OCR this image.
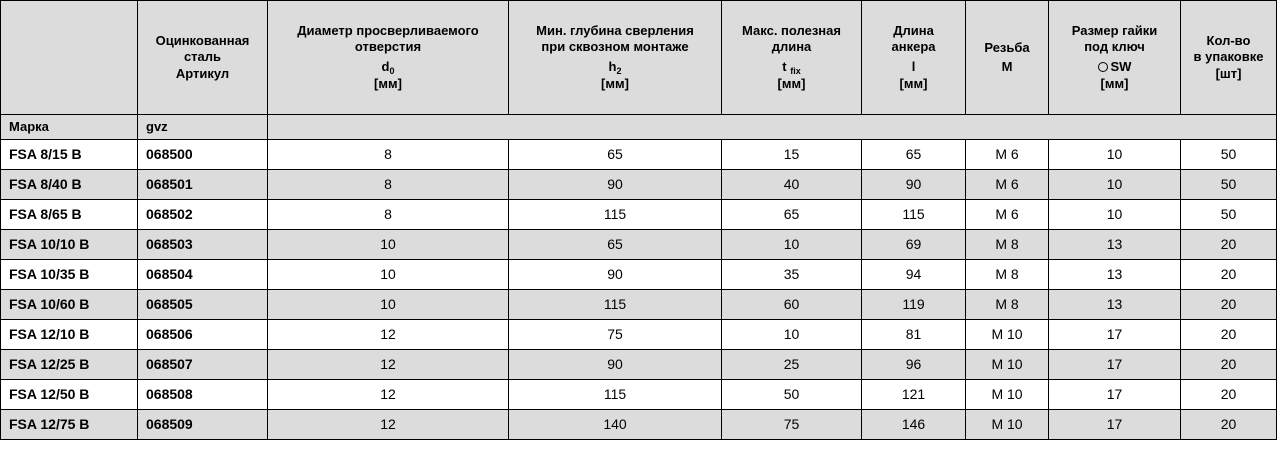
	Оцинкованная
сталь
Артикул	Диаметр просверливаемого
отверстия
$d_0$
[мм]	Мин. глубина сверления
при сквозном монтаже
$h_2$
[мм]	Макс. полезная
длина
t $_{fix}$
[мм]	Длина
анкера
l
[мм]	Резьба
M	Размер гайки
под ключ
SW
[мм]	Кол-во
в упаковке
[шт]

Марка	gvz							
FSA 8/15 B	068500	8	65	15	65	M 6	10	50
FSA 8/40 B	068501	8	90	40	90	M 6	10	50
FSA 8/65 B	068502	8	115	65	115	M 6	10	50
FSA 10/10 B	068503	10	65	10	69	M 8	13	20
FSA 10/35 B	068504	10	90	35	94	M 8	13	20
FSA 10/60 B	068505	10	115	60	119	M 8	13	20
FSA 12/10 B	068506	12	75	10	81	M 10	17	20
FSA 12/25 B	068507	12	90	25	96	M 10	17	20
FSA 12/50 B	068508	12	115	50	121	M 10	17	20
FSA 12/75 B	068509	12	140	75	146	M 10	17	20
